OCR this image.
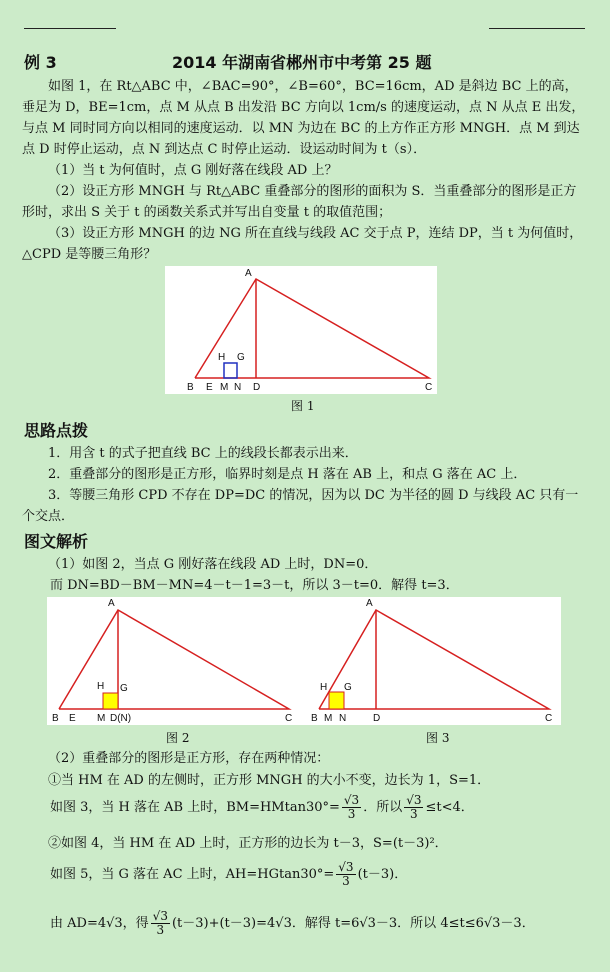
例 3	2014 年湖南省郴州市中考第 25 题
如图 1，在 Rt△ABC 中，∠BAC=90°，∠B=60°，BC=16cm，AD 是斜边 BC 上的高，垂足为 D，BE=1cm，点 M 从点 B 出发沿 BC 方向以 1cm/s 的速度运动，点 N 从点 E 出发，与点 M 同时同方向以相同的速度运动．以 MN 为边在 BC 的上方作正方形 MNGH．点 M 到达点 D 时停止运动，点 N 到达点 C 时停止运动．设运动时间为 t（s）．
（1）当 t 为何值时，点 G 刚好落在线段 AD 上？
（2）设正方形 MNGH 与 Rt△ABC 重叠部分的图形的面积为 S．当重叠部分的图形是正方形时，求出 S 关于 t 的函数关系式并写出自变量 t 的取值范围；
（3）设正方形 MNGH 的边 NG 所在直线与线段 AC 交于点 P，连结 DP，当 t 为何值时，△CPD 是等腰三角形？
A
B E M N D	C
H G
图 1
思路点拨
1．用含 t 的式子把直线 BC 上的线段长都表示出来．
2．重叠部分的图形是正方形，临界时刻是点 H 落在 AB 上，和点 G 落在 AC 上．
3．等腰三角形 CPD 不存在 DP=DC 的情况，因为以 DC 为半径的圆 D 与线段 AC 只有一个交点．
图文解析
（1）如图 2，当点 G 刚好落在线段 AD 上时，DN=0．
而 DN=BD－BM－MN=4－t－1=3－t，所以 3－t=0．解得 t=3．
A
B E M D(N)	C
H G
A
B M N	D	C
H G
图 2	图 3
（2）重叠部分的图形是正方形，存在两种情况：
①当 HM 在 AD 的左侧时，正方形 MNGH 的大小不变，边长为 1，S=1．
如图 3，当 H 落在 AB 上时，$BM=HMtan30^\circ= \frac{√3}{3}$ ．所以 $\frac{√3}{3} \le t<4$．
②如图 4，当 HM 在 AD 上时，正方形的边长为 t－3，S=(t－3)²．
如图 5，当 G 落在 AC 上时，$AH=HGtan30^\circ= \frac{√3}{3} (t-3)$．
由 AD=4√3，得 $\frac{√3}{3} (t-3)+(t-3)=4√3$．解得 t=6√3－3．所以 4≤t≤6√3－3．
